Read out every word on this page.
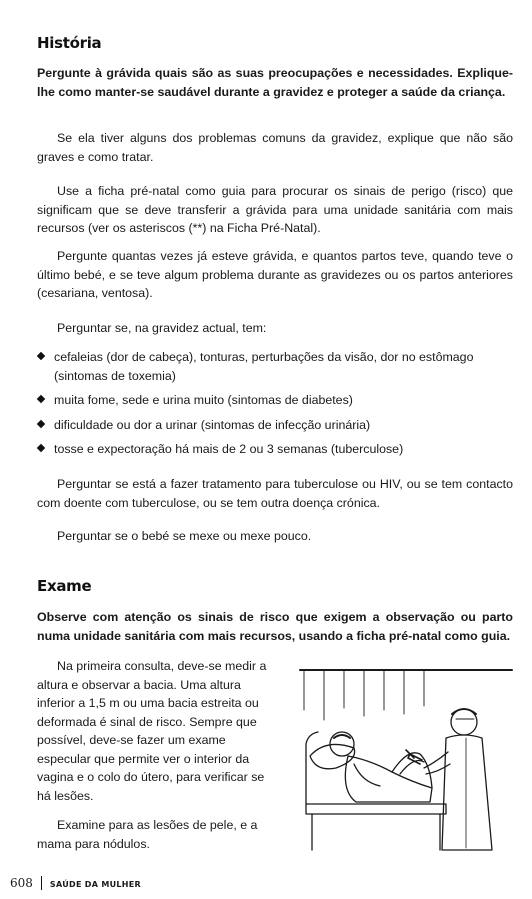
História

Pergunte à grávida quais são as suas preocupações e necessidades. Explique-lhe como manter-se saudável durante a gravidez e proteger a saúde da criança.

Se ela tiver alguns dos problemas comuns da gravidez, explique que não são graves e como tratar.

Use a ficha pré-natal como guia para procurar os sinais de perigo (risco) que significam que se deve transferir a grávida para uma unidade sanitária com mais recursos (ver os asteriscos (**) na Ficha Pré-Natal).

Pergunte quantas vezes já esteve grávida, e quantos partos teve, quando teve o último bebé, e se teve algum problema durante as gravidezes ou os partos anteriores (cesariana, ventosa).

Perguntar se, na gravidez actual, tem:

cefaleias (dor de cabeça), tonturas, perturbações da visão, dor no estômago (sintomas de toxemia)
muita fome, sede e urina muito (sintomas de diabetes)
dificuldade ou dor a urinar (sintomas de infecção urinária)
tosse e expectoração há mais de 2 ou 3 semanas (tuberculose)

Perguntar se está a fazer tratamento para tuberculose ou HIV, ou se tem contacto com doente com tuberculose, ou se tem outra doença crónica.

Perguntar se o bebé se mexe ou mexe pouco.

Exame

Observe com atenção os sinais de risco que exigem a observação ou parto numa unidade sanitária com mais recursos, usando a ficha pré-natal como guia.

Na primeira consulta, deve-se medir a altura e observar a bacia. Uma altura inferior a 1,5 m ou uma bacia estreita ou deformada é sinal de risco. Sempre que possível, deve-se fazer um exame especular que permite ver o interior da vagina e o colo do útero, para verificar se há lesões.

Examine para as lesões de pele, e a mama para nódulos.

608 SAÚDE DA MULHER
